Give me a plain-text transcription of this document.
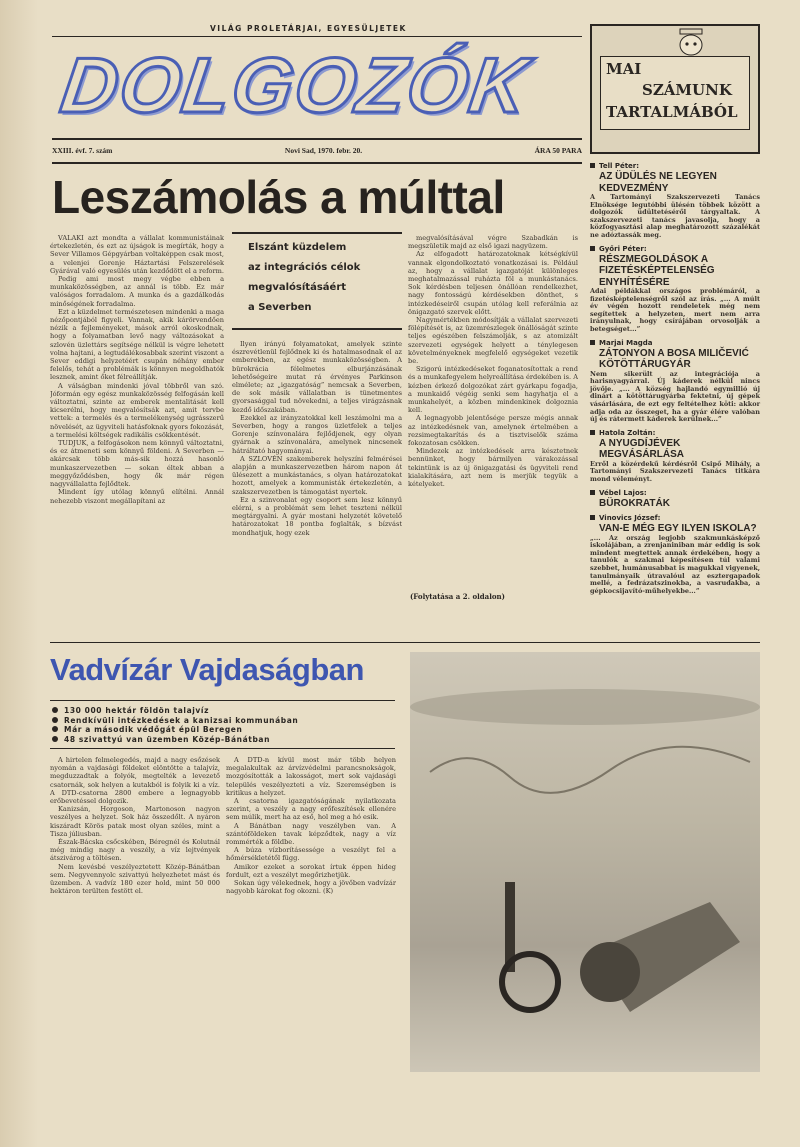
VILÁG PROLETÁRJAI, EGYESÜLJETEK
DOLGOZÓK
XXIII. évf. 7. szám	Novi Sad, 1970. febr. 20.	ÁRA 50 PARA
Leszámolás a múlttal

VALAKI azt mondta a vállalat kommunistáinak értekezletén, és ezt az újságok is megírták, hogy a Sever Villamos Gépgyárban voltaképpen csak most, a velenjei Gorenje Háztartási Felszerelések Gyárával való egyesülés után kezdődött el a reform.

Pedig ami most megy végbe ebben a munkaközösségben, az annál is több. Ez már valóságos forradalom. A munka és a gazdálkodás minőségének forradalma.

Ezt a küzdelmet természetesen mindenki a maga nézőpontjából figyeli. Vannak, akik kárörvendően nézik a fejleményeket, mások arról okoskodnak, hogy a folyamatban levő nagy változásokat a szlovén üzlettárs segítsége nélkül is végre lehetett volna hajtani, a legtudálékosabbak szerint viszont a Sever eddigi helyzetéért csupán néhány ember felelős, tehát a problémák is könnyen megoldhatók lesznek, amint őket félreállítják.

A válságban mindenki jóval többről van szó. Jóformán egy egész munkaközösség felfogásán kell változtatni, szinte az emberek mentalitását kell kicserélni, hogy megvalósítsák azt, amit tervbe vettek: a termelés és a termelékenység ugrásszerű növelését, az ügyviteli hatásfoknak gyors fokozását, a termelési költségek radikális csökkentését.

TUDJUK, a felfogásokon nem könnyű változtatni, és ez átmeneti sem könnyű földeni. A Severben — akárcsak több más-sik hozzá hasonló munkaszervezetben — sokan éltek abban a meggyőződésben, hogy ők már régen nagyvállalatta fejlődtek.

Mindent így utólag könnyű elítélni. Annál nehezebb viszont megállapítani az

Elszánt küzdelem
az integrációs célok
megvalósításáért
a Severben

Ilyen irányú folyamatokat, amelyek szinte észrevétlenül fejlődnek ki és hatalmasodnak el az emberekben, az egész munkaközösségben. A bürokrácia félelmetes elburjánzásának lehetőségeire mutat rá érvényes Parkinson elmélete; az „igazgatóság” nemcsak a Severben, de sok másik vállalatban is tünetmentes gyorsasággal tud növekedni, a teljes virágzásnak kezdő időszakában.

Ezekkel az irányzatokkal kell leszámolni ma a Severben, hogy a rangos üzletfelek a teljes Gorenje színvonalára fejlődjenek, egy olyan gyárnak a színvonalára, amelynek nincsenek hátráltató hagyományai.

A SZLOVÉN szakemberek helyszíni felmérései alapján a munkaszervezetben három napon át ülésezett a munkástanács, s olyan határozatokat hozott, amelyek a kommunisták értekezletén, a szakszervezetben is támogatást nyertek.

Ez a szinvonalat egy csoport sem lesz könnyű elérni, s a problémát sem lehet teszteni nélkül megtárgyalni. A gyár mostani helyzetét követelő határozatokat 18 pontba foglalták, s bízvást mondhatjuk, hogy ezek

megvalósításával végre Szabadkán is megszületik majd az első igazi nagyüzem.

Az elfogadott határozatoknak kétségkívül vannak elgondolkoztató vonatkozásai is. Például az, hogy a vállalat igazgatóját különleges meghatalmazással ruházta föl a munkástanács. Sok kérdésben teljesen önállóan rendelkezhet, nagy fontosságú kérdésekben dönthet, s intézkedéseiről csupán utólag kell referálnia az önigazgató szervek előtt.

Nagymértékben módosítják a vállalat szervezeti fölépítését is, az üzemrészlegek önállóságát szinte teljes egészében felszámolják, s az atomizált szervezeti egységek helyett a ténylegesen követelményeknek megfelelő egységeket vezetik be.

Szigorú intézkedéseket foganatosítottak a rend és a munkafegyelem helyreállítása érdekében is. A kézben érkező dolgozókat zárt gyárkapu fogadja, a munkaidő végéig senki sem hagyhatja el a munkahelyét, a közben mindenkinek dolgoznia kell.

A legnagyobb jelentősége persze mégis annak az intézkedésnek van, amelynek értelmében a rezsimegtakarítás és a tisztviselők száma fokozatosan csökken.

Mindezek az intézkedések arra késztetnek bennünket, hogy bármilyen várakozással tekintünk is az új önigazgatási és ügyviteli rend kialakítására, azt nem is merjük tegyük a kételyeket.

(Folytatása a 2. oldalon)
Vadvízár Vajdaságban
130 000 hektár földön talajvíz
Rendkívüli intézkedések a kanizsai kommunában
Már a második védőgát épül Beregen
48 szivattyú van üzemben Közép-Bánátban

A hirtelen felmelegedés, majd a nagy esőzések nyomán a vajdasági földeket elöntötte a talajvíz, megduzzadtak a folyók, megtelték a levezető csatornák, sok helyen a kutakból is folyik ki a víz. A DTD-csatorna 2800 embere a legnagyobb erőbevetéssel dolgozik.

Kanizsán, Horgoson, Martonoson nagyon veszélyes a helyzet. Sok ház összedőlt. A nyáron kiszáradt Körös patak most olyan széles, mint a Tisza júliusban.

Észak-Bácska csőcskében, Béregnél és Kolutnál még mindig nagy a veszély, a víz lejtvények átszivárog a töltésen.

Nem kevésbé veszélyeztetett Közép-Bánátban sem. Negyvennyolc szivattyú helyezhetet mást és üzemben. A vadvíz 180 ezer hold, mint 50 000 hektáron terülten festött el.

A DTD-n kívül most már több helyen megalakultak az árvízvédelmi parancsnokságok, mozgósították a lakosságot, mert sok vajdasági település veszélyezteti a víz. Szeremségben is kritikus a helyzet.

A csatorna igazgatóságának nyilatkozata szerint, a veszély a nagy erőfeszítések ellenére sem múlik, mert ha az eső, hol meg a hó esik.

A Bánátban nagy veszélyben van. A szántóföldeken tavak képződtek, nagy a víz rommérték a földbe.

A búza vízborításessége a veszélyt fel a hőmérsékletétől függ.

Amikor ezeket a sorokat írtuk éppen hideg fordult, ezt a veszélyt megőrizhetjük.

Sokan úgy vélekednek, hogy a jövőben vadvízár nagyobb károkat fog okozni. (K)

MAI
SZÁMUNK
TARTALMÁBÓL
Tell Péter:
AZ ÜDÜLÉS NE LEGYEN KEDVEZMÉNY
A Tartományi Szakszervezeti Tanács Elnöksége legutóbbi ülésén többek között a dolgozók üdültetéséről tárgyaltak. A szakszervezeti tanács javasolja, hogy a közfogyasztási alap meghatározott százalékát ne adóztassák meg.
Győri Péter:
RÉSZMEGOLDÁSOK A FIZETÉSKÉPTELENSÉG ENYHÍTÉSÉRE
Adai példákkal országos problémáról, a fizetésképtelenségről szól az írás. „... A múlt év végén hozott rendeletek még nem segítettek a helyzeten, mert nem arra irányulnak, hogy csírájában orvosolják a betegséget...”
Marjai Magda
ZÁTONYON A BOSA MILIČEVIĆ KÖTÖTTÁRUGYÁR
Nem sikerült az integrációja a harisnyagyárral. Új káderek nélkül nincs jövője. „... A község hajlandó egymillió új dinárt a kötöttárugyárba fektetni, új gépek vásárlására, de ezt egy feltételhez köti: akkor adja oda az összeget, ha a gyár élére valóban új és rátermett káderek kerülnek...”
Hatola Zoltán:
A NYUGDÍJÉVEK MEGVÁSÁRLÁSA
Erről a közérdekű kérdésről Csipő Mihály, a Tartományi Szakszervezeti Tanács titkára mond véleményt.
Vébel Lajos:
BÜROKRATÁK
Vinovics József:
VAN-E MÉG EGY ILYEN ISKOLA?
„... Az ország legjobb szakmunkásképző iskolájában, a zrenjaniniban már eddig is sok mindent megtettek annak érdekében, hogy a tanulók a szakmai képesítésen túl valami szebbet, humánusabbat is magukkal vigyenek, tanulmányaik útravalóul az esztergapadok mellé, a fedrázatszinokba, a vasrudakba, a gépkocsijavító-műhelyekbe...”
